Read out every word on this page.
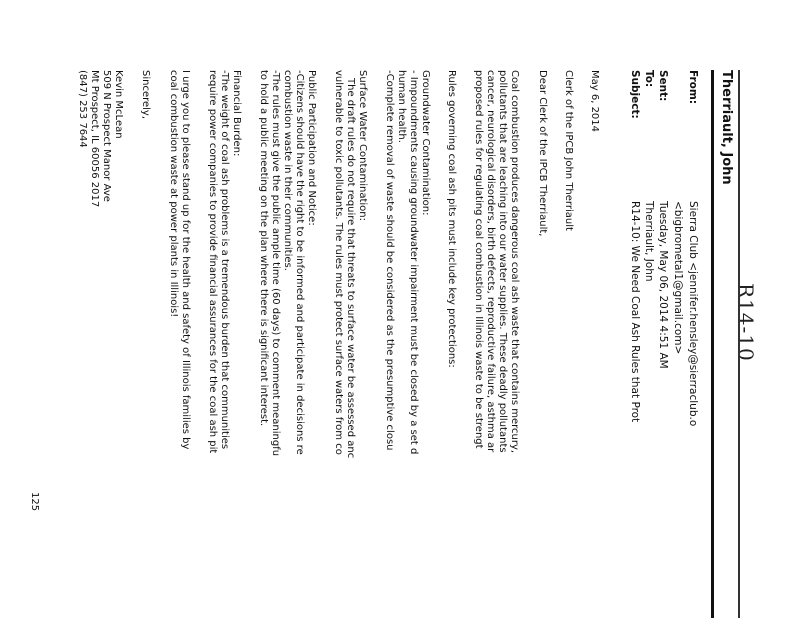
R14-10
Therriault, John
From:
Sierra Club <jennifer.hensley@sierraclub.o
<bigbrometal1@gmail.com>
Sent:
Tuesday, May 06, 2014 4:51 AM
To:
Therriault, John
Subject:
R14-10: We Need Coal Ash Rules that Prot
May 6, 2014
Clerk of the IPCB John Therriault
Dear Clerk of the IPCB Therriault,
Coal combustion produces dangerous coal ash waste that contains mercury,
pollutants that are leaching into our water supplies. These deadly pollutants
cancer, neurological disorders, birth defects, reproductive failure, asthma ar
proposed rules for regulating coal combustion in Illinois waste to be strengt
Rules governing coal ash pits must include key protections:
Groundwater Contamination:
- Impoundments causing groundwater impairment must be closed by a set d
human health.
-Complete removal of waste should be considered as the presumptive closu
Surface Water Contamination:
The draft rules do not require that threats to surface water be assessed anc
vulnerable to toxic pollutants. The rules must protect surface waters from co
Public Participation and Notice:
-Citizens should have the right to be informed and participate in decisions re
combustion waste in their communities.
-The rules must give the public ample time (60 days) to comment meaningfu
to hold a public meeting on the plan where there is significant interest.
Financial Burden:
-The weight of coal ash problems is a tremendous burden that communities
require power companies to provide financial assurances for the coal ash pit
I urge you to please stand up for the health and safety of Illinois families by
coal combustion waste at power plants in Illinois!
Sincerely,
Kevin McLean
509 N Prospect Manor Ave
Mt Prospect, IL 60056 2017
(847) 253 7644
125
